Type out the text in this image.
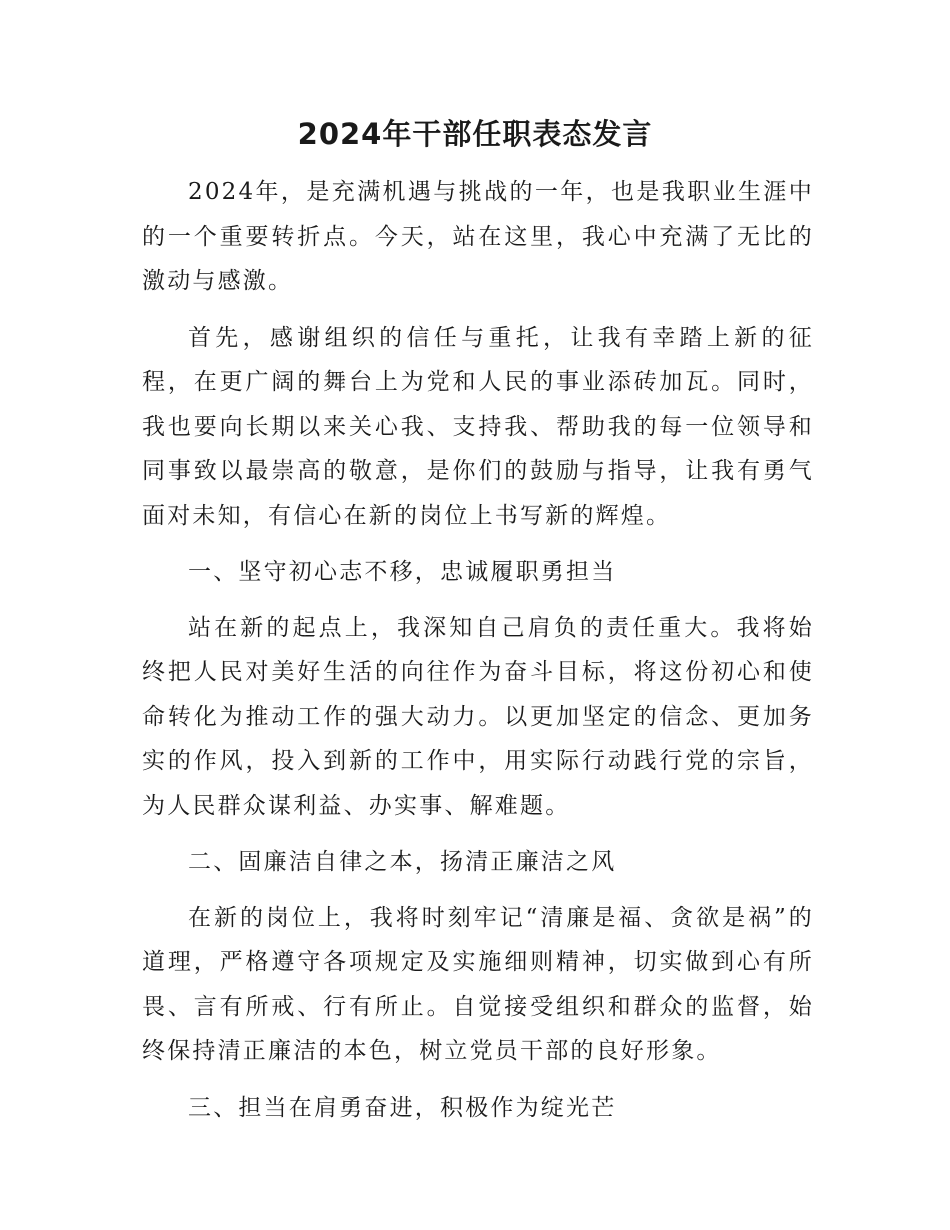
2024年干部任职表态发言

2024年，是充满机遇与挑战的一年，也是我职业生涯中的一个重要转折点。今天，站在这里，我心中充满了无比的激动与感激。

首先，感谢组织的信任与重托，让我有幸踏上新的征程，在更广阔的舞台上为党和人民的事业添砖加瓦。同时，我也要向长期以来关心我、支持我、帮助我的每一位领导和同事致以最崇高的敬意，是你们的鼓励与指导，让我有勇气面对未知，有信心在新的岗位上书写新的辉煌。

一、坚守初心志不移，忠诚履职勇担当

站在新的起点上，我深知自己肩负的责任重大。我将始终把人民对美好生活的向往作为奋斗目标，将这份初心和使命转化为推动工作的强大动力。以更加坚定的信念、更加务实的作风，投入到新的工作中，用实际行动践行党的宗旨，为人民群众谋利益、办实事、解难题。

二、固廉洁自律之本，扬清正廉洁之风

在新的岗位上，我将时刻牢记“清廉是福、贪欲是祸”的道理，严格遵守各项规定及实施细则精神，切实做到心有所畏、言有所戒、行有所止。自觉接受组织和群众的监督，始终保持清正廉洁的本色，树立党员干部的良好形象。

三、担当在肩勇奋进，积极作为绽光芒
